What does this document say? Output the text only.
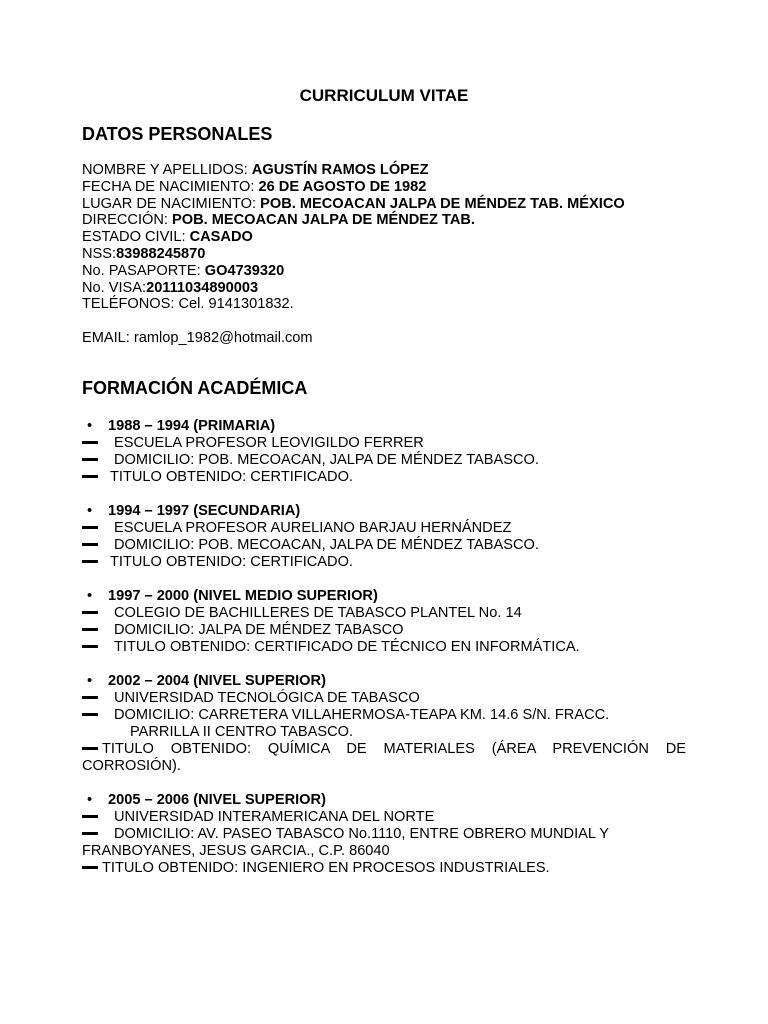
CURRICULUM VITAE
DATOS PERSONALES
NOMBRE Y APELLIDOS: AGUSTÍN RAMOS LÓPEZ
FECHA DE NACIMIENTO: 26 DE AGOSTO DE 1982
LUGAR DE NACIMIENTO: POB. MECOACAN JALPA DE MÉNDEZ TAB. MÉXICO
DIRECCIÓN: POB. MECOACAN JALPA DE MÉNDEZ TAB.
ESTADO CIVIL: CASADO
NSS:83988245870
No. PASAPORTE: GO4739320
No. VISA:20111034890003
TELÉFONOS: Cel. 9141301832.
EMAIL: ramlop_1982@hotmail.com
FORMACIÓN ACADÉMICA
• 1988 – 1994 (PRIMARIA)
ESCUELA PROFESOR LEOVIGILDO FERRER
DOMICILIO: POB. MECOACAN, JALPA DE MÉNDEZ TABASCO.
TITULO OBTENIDO: CERTIFICADO.
• 1994 – 1997 (SECUNDARIA)
ESCUELA PROFESOR AURELIANO BARJAU HERNÁNDEZ
DOMICILIO: POB. MECOACAN, JALPA DE MÉNDEZ TABASCO.
TITULO OBTENIDO: CERTIFICADO.
• 1997 – 2000 (NIVEL MEDIO SUPERIOR)
COLEGIO DE BACHILLERES DE TABASCO PLANTEL No. 14
DOMICILIO: JALPA DE MÉNDEZ TABASCO
TITULO OBTENIDO: CERTIFICADO DE TÉCNICO EN INFORMÁTICA.
• 2002 – 2004 (NIVEL SUPERIOR)
UNIVERSIDAD TECNOLÓGICA DE TABASCO
DOMICILIO: CARRETERA VILLAHERMOSA-TEAPA KM. 14.6 S/N. FRACC.
PARRILLA II CENTRO TABASCO.
TITULO OBTENIDO: QUÍMICA DE MATERIALES (ÁREA PREVENCIÓN DE
CORROSIÓN).
• 2005 – 2006 (NIVEL SUPERIOR)
UNIVERSIDAD INTERAMERICANA DEL NORTE
DOMICILIO: AV. PASEO TABASCO No.1110, ENTRE OBRERO MUNDIAL Y
FRANBOYANES, JESUS GARCIA., C.P. 86040
TITULO OBTENIDO: INGENIERO EN PROCESOS INDUSTRIALES.
